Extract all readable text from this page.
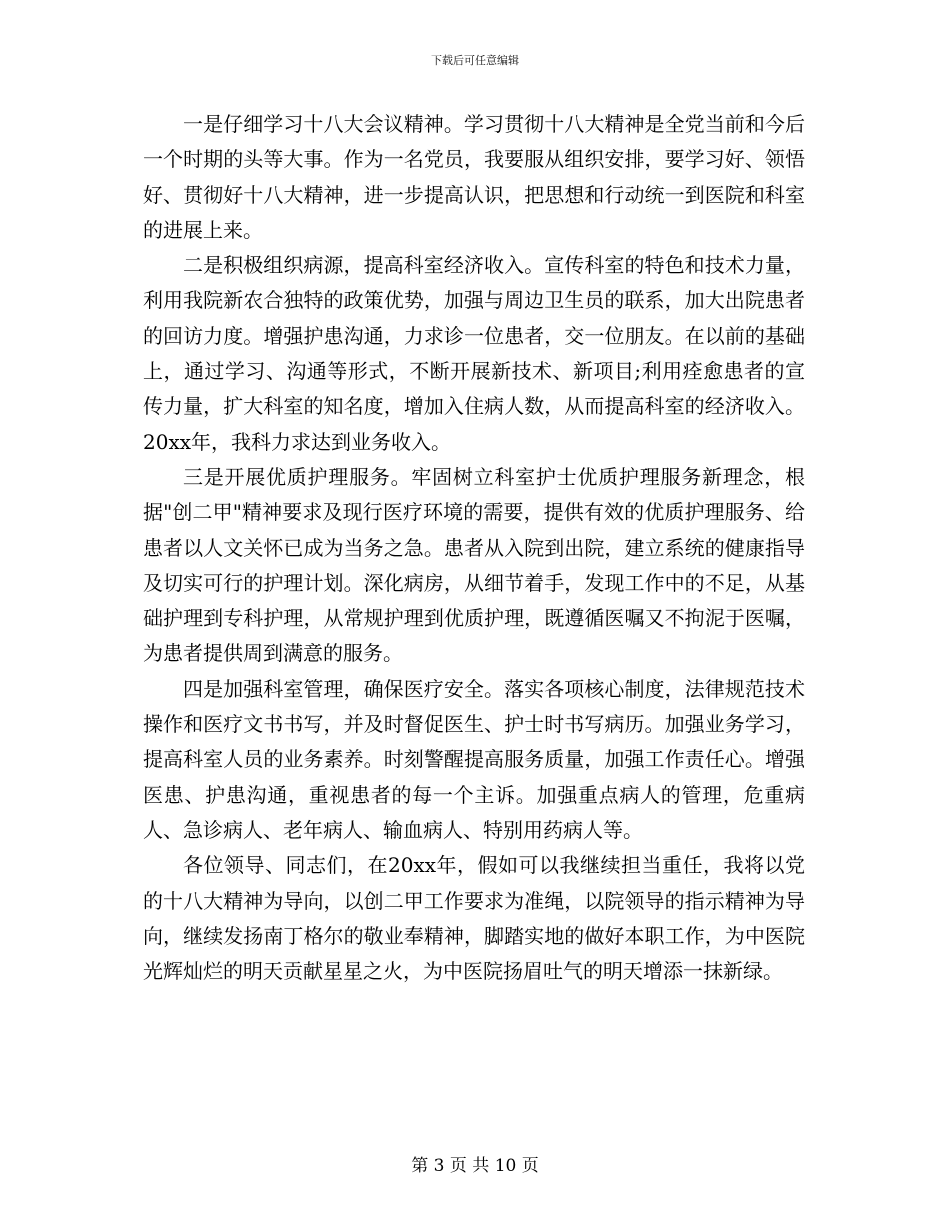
下载后可任意编辑

一是仔细学习十八大会议精神。学习贯彻十八大精神是全党当前和今后一个时期的头等大事。作为一名党员，我要服从组织安排，要学习好、领悟好、贯彻好十八大精神，进一步提高认识，把思想和行动统一到医院和科室的进展上来。

二是积极组织病源，提高科室经济收入。宣传科室的特色和技术力量，利用我院新农合独特的政策优势，加强与周边卫生员的联系，加大出院患者的回访力度。增强护患沟通，力求诊一位患者，交一位朋友。在以前的基础上，通过学习、沟通等形式，不断开展新技术、新项目;利用痊愈患者的宣传力量，扩大科室的知名度，增加入住病人数，从而提高科室的经济收入。20xx年，我科力求达到业务收入。

三是开展优质护理服务。牢固树立科室护士优质护理服务新理念，根据"创二甲"精神要求及现行医疗环境的需要，提供有效的优质护理服务、给患者以人文关怀已成为当务之急。患者从入院到出院，建立系统的健康指导及切实可行的护理计划。深化病房，从细节着手，发现工作中的不足，从基础护理到专科护理，从常规护理到优质护理，既遵循医嘱又不拘泥于医嘱，为患者提供周到满意的服务。

四是加强科室管理，确保医疗安全。落实各项核心制度，法律规范技术操作和医疗文书书写，并及时督促医生、护士时书写病历。加强业务学习，提高科室人员的业务素养。时刻警醒提高服务质量，加强工作责任心。增强医患、护患沟通，重视患者的每一个主诉。加强重点病人的管理，危重病人、急诊病人、老年病人、输血病人、特别用药病人等。

各位领导、同志们，在20xx年，假如可以我继续担当重任，我将以党的十八大精神为导向，以创二甲工作要求为准绳，以院领导的指示精神为导向，继续发扬南丁格尔的敬业奉精神，脚踏实地的做好本职工作，为中医院光辉灿烂的明天贡献星星之火，为中医院扬眉吐气的明天增添一抹新绿。

第 3 页 共 10 页
